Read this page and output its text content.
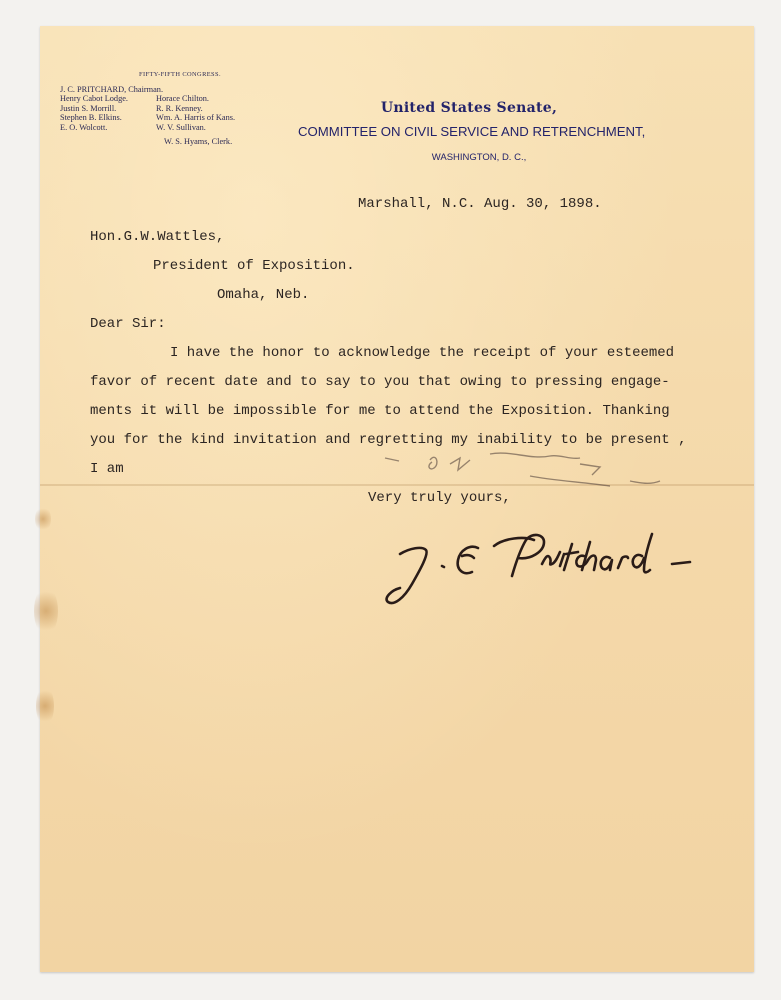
FIFTY-FIFTH CONGRESS.
J. C. PRITCHARD, Chairman.
Henry Cabot Lodge.
Justin S. Morrill.
Stephen B. Elkins.
E. O. Wolcott.
Horace Chilton.
R. R. Kenney.
Wm. A. Harris of Kans.
W. V. Sullivan.
W. S. Hyams, Clerk.
United States Senate,
COMMITTEE ON CIVIL SERVICE AND RETRENCHMENT,
WASHINGTON, D. C.,
Marshall, N.C. Aug. 30, 1898.
Hon.G.W.Wattles,
President of Exposition.
Omaha, Neb.
Dear Sir:
I have the honor to acknowledge the receipt of your esteemed
favor of recent date and to say to you that owing to pressing engage-
ments it will be impossible for me to attend the Exposition. Thanking
you for the kind invitation and regretting my inability to be present ,
I am
Very truly yours,
